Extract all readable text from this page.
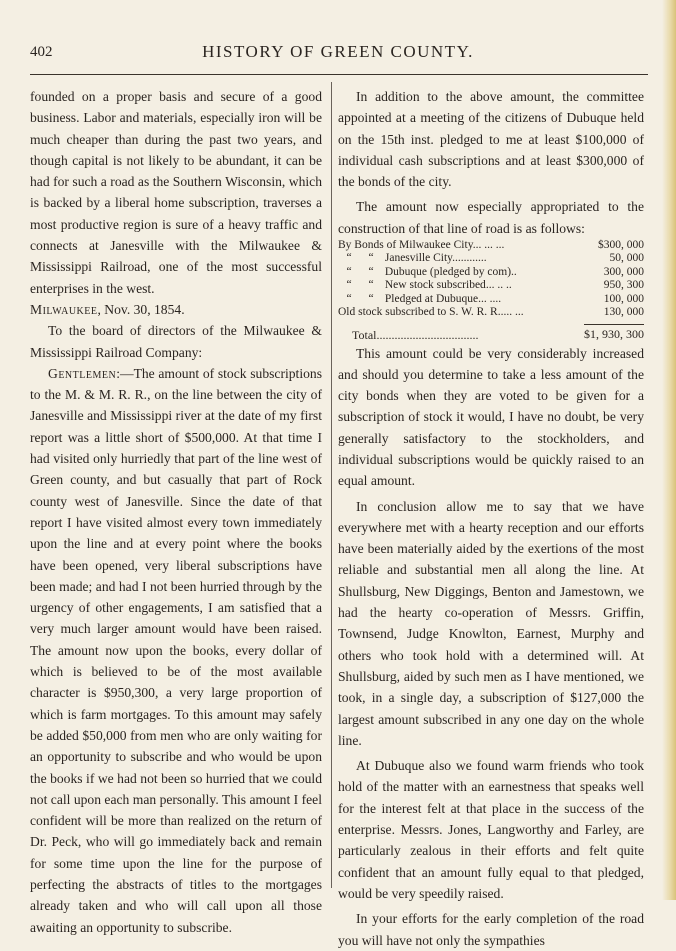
402	HISTORY OF GREEN COUNTY.

founded on a proper basis and secure of a good business. Labor and materials, especially iron will be much cheaper than during the past two years, and though capital is not likely to be abundant, it can be had for such a road as the Southern Wisconsin, which is backed by a liberal home subscription, traverses a most productive region is sure of a heavy traffic and connects at Janesville with the Milwaukee & Mississippi Railroad, one of the most successful enterprises in the west.

Milwaukee, Nov. 30, 1854.

To the board of directors of the Milwaukee & Mississippi Railroad Company:

Gentlemen:—The amount of stock subscriptions to the M. & M. R. R., on the line between the city of Janesville and Mississippi river at the date of my first report was a little short of $500,000. At that time I had visited only hurriedly that part of the line west of Green county, and but casually that part of Rock county west of Janesville. Since the date of that report I have visited almost every town immediately upon the line and at every point where the books have been opened, very liberal subscriptions have been made; and had I not been hurried through by the urgency of other engagements, I am satisfied that a very much larger amount would have been raised. The amount now upon the books, every dollar of which is believed to be of the most available character is $950,300, a very large proportion of which is farm mortgages. To this amount may safely be added $50,000 from men who are only waiting for an opportunity to subscribe and who would be upon the books if we had not been so hurried that we could not call upon each man personally. This amount I feel confident will be more than realized on the return of Dr. Peck, who will go immediately back and remain for some time upon the line for the purpose of perfecting the abstracts of titles to the mortgages already taken and who will call upon all those awaiting an opportunity to subscribe.

In addition to the above amount, the committee appointed at a meeting of the citizens of Dubuque held on the 15th inst. pledged to me at least $100,000 of individual cash subscriptions and at least $300,000 of the bonds of the city.

The amount now especially appropriated to the construction of that line of road is as follows:

By Bonds of Milwaukee City... ... ...	$300, 000
“ “ Janesville City............	50, 000
“ “ Dubuque (pledged by com)..	300, 000
“ “ New stock subscribed... .. ..	950, 300
“ “ Pledged at Dubuque... ....	100, 000
Old stock subscribed to S. W. R. R..... ...	130, 000
Total..................................	$1, 930, 300

This amount could be very considerably increased and should you determine to take a less amount of the city bonds when they are voted to be given for a subscription of stock it would, I have no doubt, be very generally satisfactory to the stockholders, and individual subscriptions would be quickly raised to an equal amount.

In conclusion allow me to say that we have everywhere met with a hearty reception and our efforts have been materially aided by the exertions of the most reliable and substantial men all along the line. At Shullsburg, New Diggings, Benton and Jamestown, we had the hearty co-operation of Messrs. Griffin, Townsend, Judge Knowlton, Earnest, Murphy and others who took hold with a determined will. At Shullsburg, aided by such men as I have mentioned, we took, in a single day, a subscription of $127,000 the largest amount subscribed in any one day on the whole line.

At Dubuque also we found warm friends who took hold of the matter with an earnestness that speaks well for the interest felt at that place in the success of the enterprise. Messrs. Jones, Langworthy and Farley, are particularly zealous in their efforts and felt quite confident that an amount fully equal to that pledged, would be very speedily raised.

In your efforts for the early completion of the road you will have not only the sympathies
